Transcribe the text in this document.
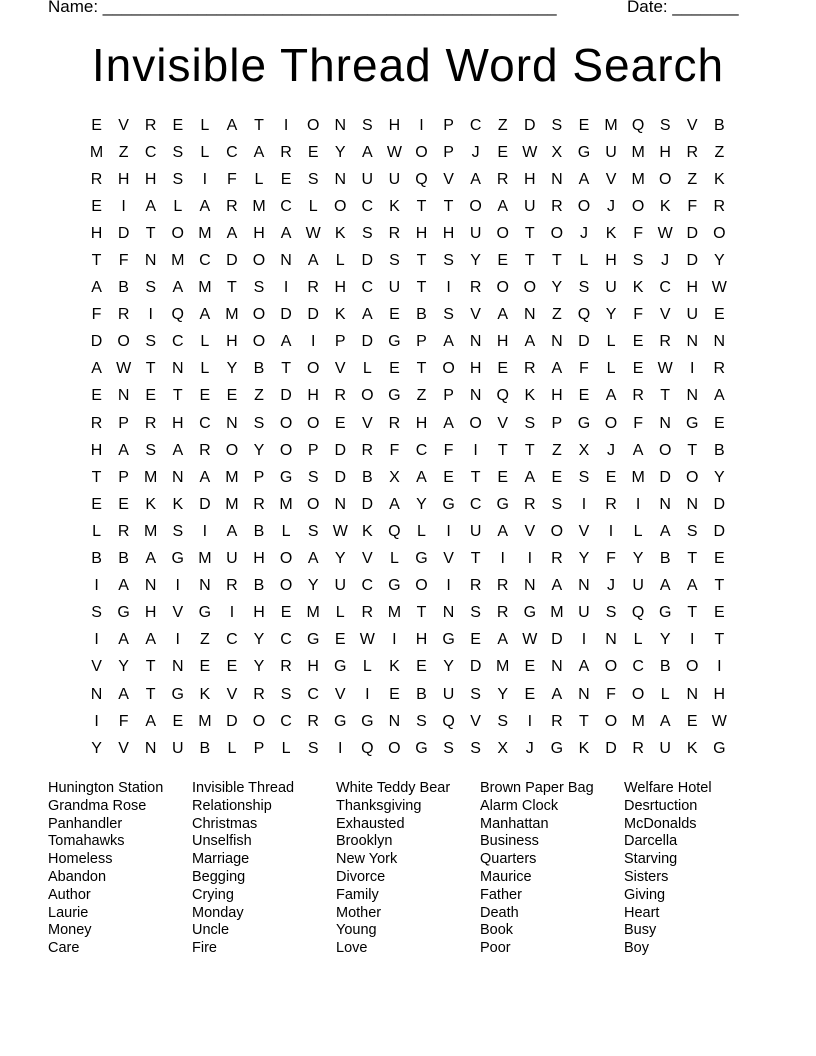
Name: ________________________________________________	Date: _______
Invisible Thread Word Search
E	V R E	L	A	T	I	O N S H	I	P C	Z	D S	E M Q S	V	B
M Z	C S	L	C A R E	Y	A W O P	J	E W X G U M H R	Z
R H H S	I	F	L	E	S N U U Q V	A R H N A	V M O Z	K
E	I	A	L	A R M C	L	O C K	T	T O A U R O	J	O K	F	R
H D	T O M A H A W K	S R H H U O T O	J	K	F W D O
T	F	N M C D O N A	L	D S	T	S	Y	E	T	T	L	H S	J	D Y
A	B	S	A M T	S	I	R H C U	T	I	R O O Y	S U K C H W
F	R	I	Q A M O D D K	A	E	B	S	V	A N	Z Q Y	F	V U E
D O S C	L	H O A	I	P D G P	A N H A N D	L	E R N N
A W T	N	L	Y	B	T O V	L	E	T O H E R A	F	L	E W	I	R
E N E	T	E	E	Z	D H R O G Z	P N Q K H E	A R	T	N A
R P R H C N S O O E	V R H A O V	S	P G O F	N G E
H A	S	A R O Y O P D R	F	C	F	I	T	T	Z	X	J	A O T	B
T	P M N A M P G S D B	X	A	E	T	E	A	E	S	E M D O Y
E	E	K	K D M R M O N D A	Y G C G R S	I	R	I	N N D
L	R M S	I	A	B	L	S W K Q	L	I	U A	V O V	I	L	A	S D
B	B	A G M U H O A	Y	V	L	G V	T	I	I	R Y	F	Y	B	T	E
I	A N	I	N R B O Y U C G O	I	R R N A N	J	U A	A	T
S G H V G	I	H E M L	R M T	N S R G M U S Q G T	E
I	A	A	I	Z	C Y C G E W	I	H G E	A W D	I	N	L	Y	I	T
V	Y	T	N E	E	Y R H G	L	K	E	Y D M E N A O C B O	I
N A	T G K	V R S C V	I	E	B U S	Y	E	A N	F O	L	N H
I	F	A	E M D O C R G G N S Q V	S	I	R	T O M A	E W
Y	V N U B	L	P	L	S	I	Q O G S	S	X	J	G K D R U K G
Hunington Station
Grandma Rose
Panhandler
Tomahawks
Homeless
Abandon
Author
Laurie
Money
Care
Invisible Thread
Relationship
Christmas
Unselfish
Marriage
Begging
Crying
Monday
Uncle
Fire
White Teddy Bear
Thanksgiving
Exhausted
Brooklyn
New York
Divorce
Family
Mother
Young
Love
Brown Paper Bag
Alarm Clock
Manhattan
Business
Quarters
Maurice
Father
Death
Book
Poor
Welfare Hotel
Desrtuction
McDonalds
Darcella
Starving
Sisters
Giving
Heart
Busy
Boy
